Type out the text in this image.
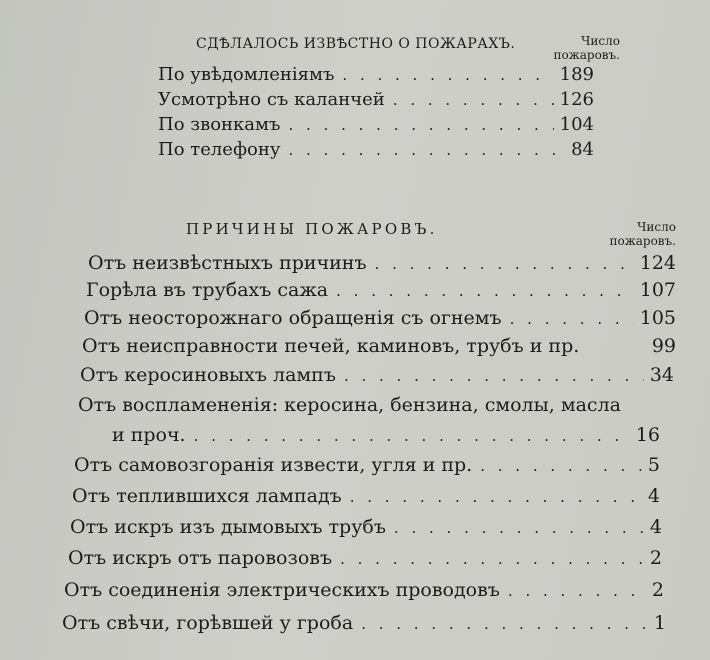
СДѢЛАЛОСЬ ИЗВѢСТНО О ПОЖАРАХЪ.	Число
пожаровъ.
По увѣдомленіямъ . . .	189
Усмотрѣно съ каланчей . . .	126
По звонкамъ . . .	104
По телефону . . .	84
ПРИЧИНЫ ПОЖАРОВЪ.	Число
пожаровъ.
Отъ неизвѣстныхъ причинъ . . .	124
Горѣла въ трубахъ сажа . . .	107
Отъ неосторожнаго обращенія съ огнемъ . . .	105
Отъ неисправности печей, каминовъ, трубъ и пр.	99
Отъ керосиновыхъ лампъ . . .	34
Отъ воспламененія: керосина, бензина, смолы, масла
и проч. . . .	16
Отъ самовозгоранія извести, угля и пр. . . .	5
Отъ теплившихся лампадъ . . .	4
Отъ искръ изъ дымовыхъ трубъ . . .	4
Отъ искръ отъ паровозовъ . . .	2
Отъ соединенія электрическихъ проводовъ . . .	2
Отъ свѣчи, горѣвшей у гроба . . .	1
